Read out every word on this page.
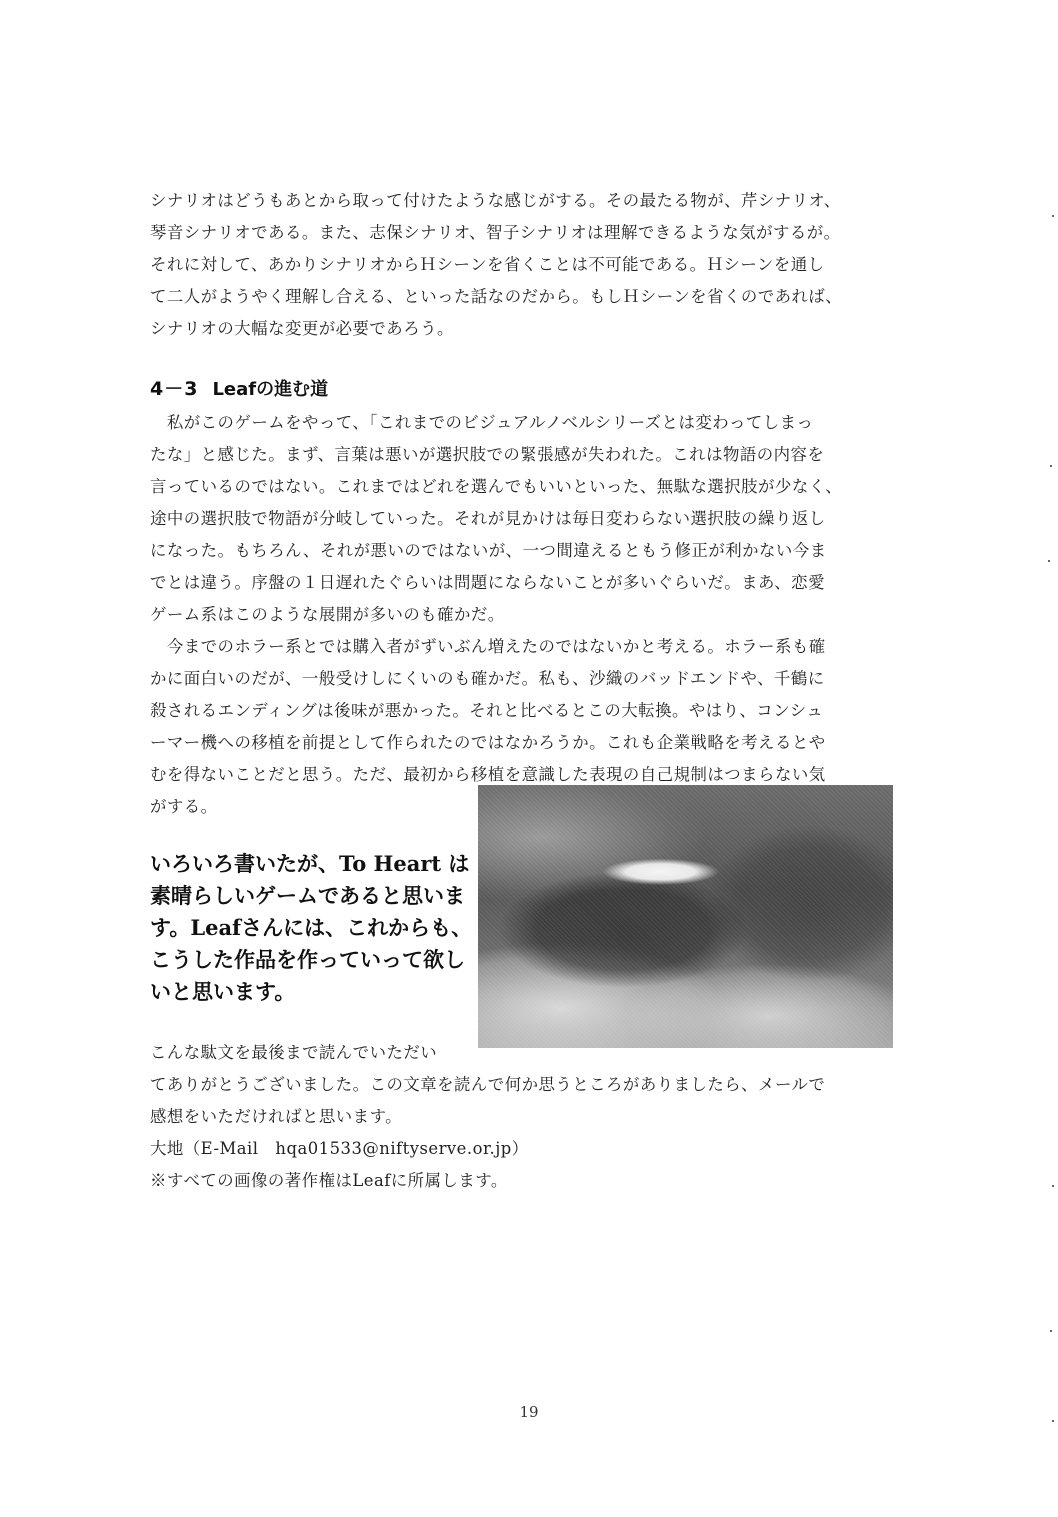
シナリオはどうもあとから取って付けたような感じがする。その最たる物が、芹シナリオ、
琴音シナリオである。また、志保シナリオ、智子シナリオは理解できるような気がするが。
それに対して、あかりシナリオからＨシーンを省くことは不可能である。Ｈシーンを通し
て二人がようやく理解し合える、といった話なのだから。もしＨシーンを省くのであれば、
シナリオの大幅な変更が必要であろう。
4－3 Leafの進む道
　私がこのゲームをやって、「これまでのビジュアルノベルシリーズとは変わってしまっ
たな」と感じた。まず、言葉は悪いが選択肢での緊張感が失われた。これは物語の内容を
言っているのではない。これまではどれを選んでもいいといった、無駄な選択肢が少なく、
途中の選択肢で物語が分岐していった。それが見かけは毎日変わらない選択肢の繰り返し
になった。もちろん、それが悪いのではないが、一つ間違えるともう修正が利かない今ま
でとは違う。序盤の１日遅れたぐらいは問題にならないことが多いぐらいだ。まあ、恋愛
ゲーム系はこのような展開が多いのも確かだ。
　今までのホラー系とでは購入者がずいぶん増えたのではないかと考える。ホラー系も確
かに面白いのだが、一般受けしにくいのも確かだ。私も、沙織のバッドエンドや、千鶴に
殺されるエンディングは後味が悪かった。それと比べるとこの大転換。やはり、コンシュ
ーマー機への移植を前提として作られたのではなかろうか。これも企業戦略を考えるとや
むを得ないことだと思う。ただ、最初から移植を意識した表現の自己規制はつまらない気
がする。
いろいろ書いたが、To Heart は
素晴らしいゲームであると思いま
す。Leafさんには、これからも、
こうした作品を作っていって欲し
いと思います。
こんな駄文を最後まで読んでいただい
てありがとうございました。この文章を読んで何か思うところがありましたら、メールで
感想をいただければと思います。
大地（E-Mail　hqa01533@niftyserve.or.jp）
※すべての画像の著作権はLeafに所属します。
19
